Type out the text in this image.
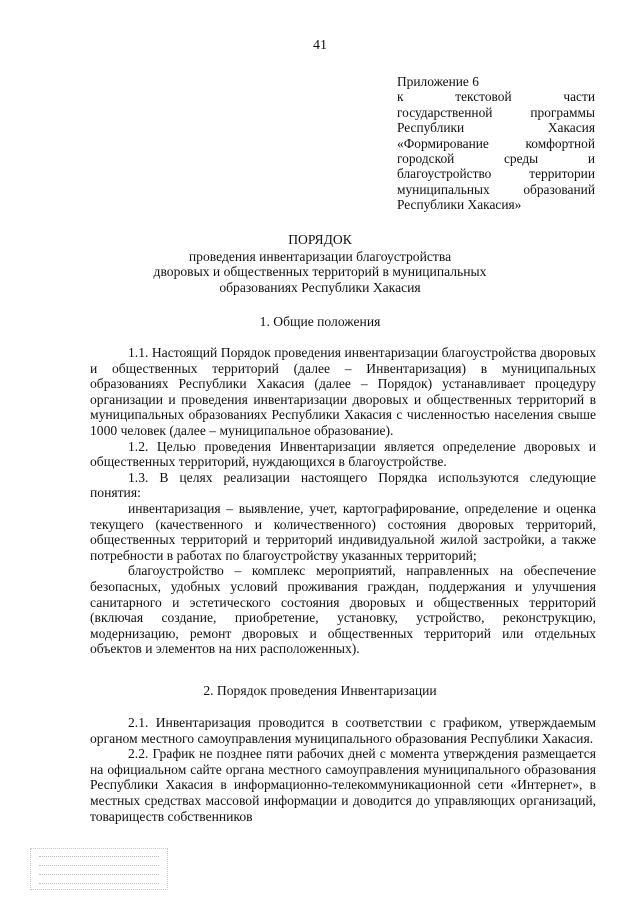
41
Приложение 6
к текстовой части
государственной программы
Республики Хакасия
«Формирование комфортной
городской среды и
благоустройство территории
муниципальных образований
Республики Хакасия»
ПОРЯДОК
проведения инвентаризации благоустройства
дворовых и общественных территорий в муниципальных
образованиях Республики Хакасия
1. Общие положения

1.1. Настоящий Порядок проведения инвентаризации благоустройства дворовых и общественных территорий (далее – Инвентаризация) в муниципальных образованиях Республики Хакасия (далее – Порядок) устанавливает процедуру организации и проведения инвентаризации дворовых и общественных территорий в муниципальных образованиях Республики Хакасия с численностью населения свыше 1000 человек (далее – муниципальное образование).

1.2. Целью проведения Инвентаризации является определение дворовых и общественных территорий, нуждающихся в благоустройстве.

1.3. В целях реализации настоящего Порядка используются следующие понятия:

инвентаризация – выявление, учет, картографирование, определение и оценка текущего (качественного и количественного) состояния дворовых территорий, общественных территорий и территорий индивидуальной жилой застройки, а также потребности в работах по благоустройству указанных территорий;

благоустройство – комплекс мероприятий, направленных на обеспечение безопасных, удобных условий проживания граждан, поддержания и улучшения санитарного и эстетического состояния дворовых и общественных территорий (включая создание, приобретение, установку, устройство, реконструкцию, модернизацию, ремонт дворовых и общественных территорий или отдельных объектов и элементов на них расположенных).

2. Порядок проведения Инвентаризации

2.1. Инвентаризация проводится в соответствии с графиком, утверждаемым органом местного самоуправления муниципального образования Республики Хакасия.

2.2. График не позднее пяти рабочих дней с момента утверждения размещается на официальном сайте органа местного самоуправления муниципального образования Республики Хакасия в информационно-телекоммуникационной сети «Интернет», в местных средствах массовой информации и доводится до управляющих организаций, товариществ собственников
